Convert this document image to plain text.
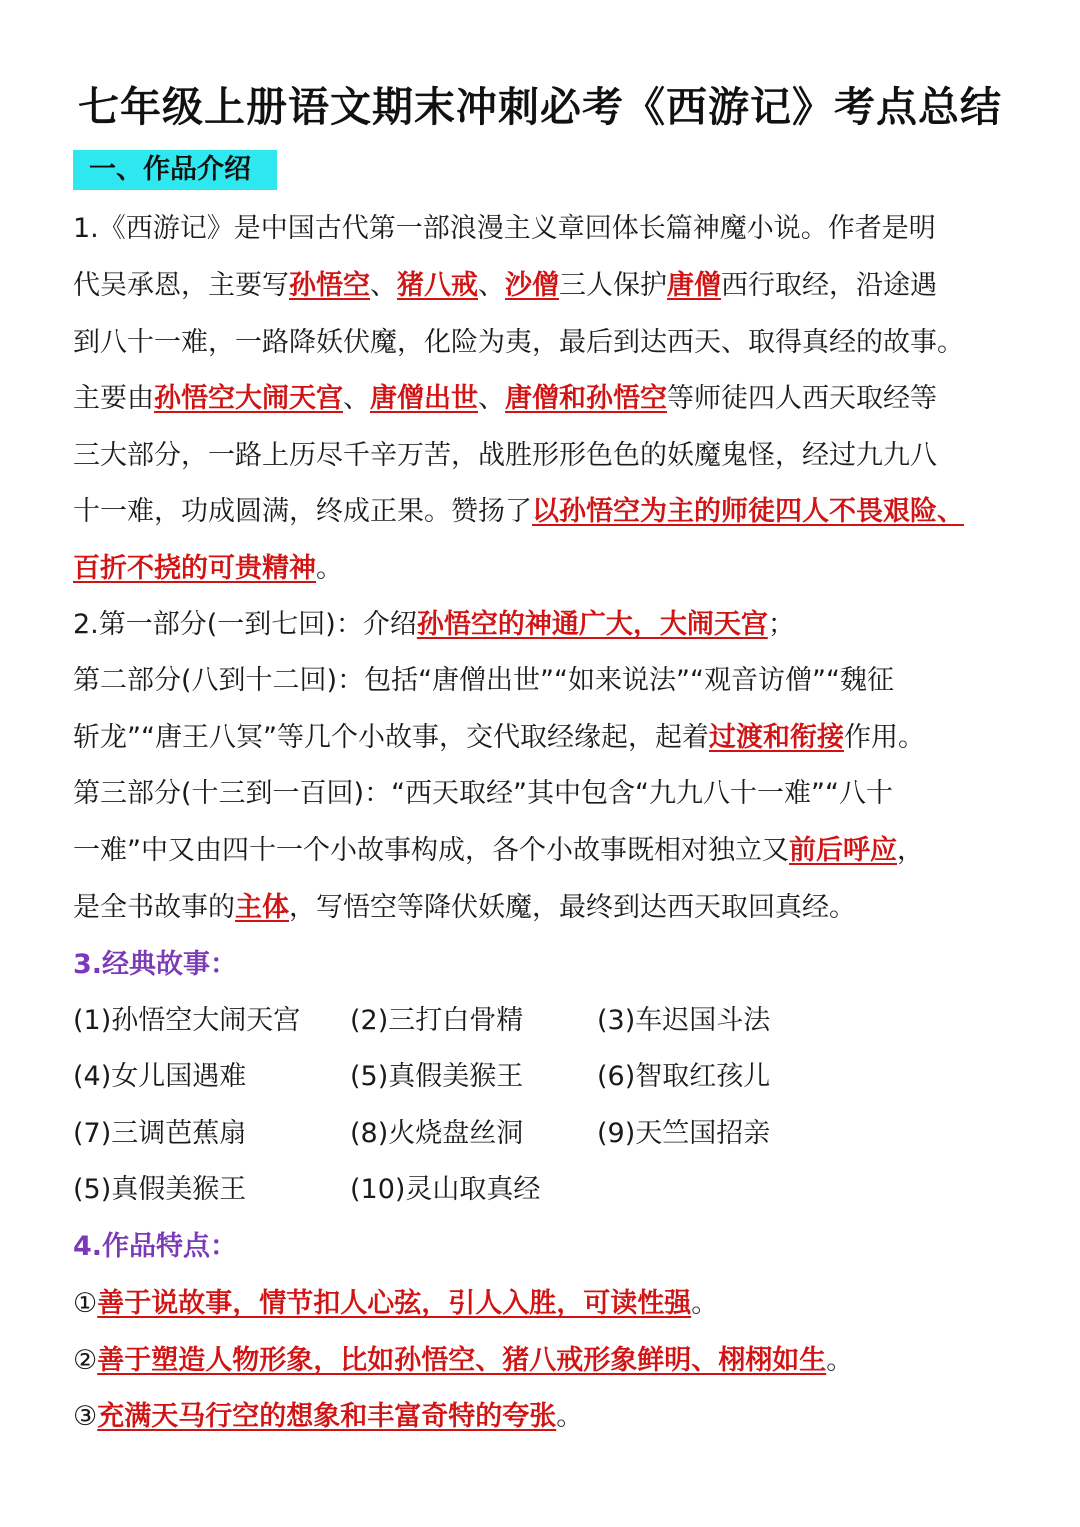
七年级上册语文期末冲刺必考《西游记》考点总结
一、作品介绍
1.《西游记》是中国古代第一部浪漫主义章回体长篇神魔小说。作者是明
代吴承恩，主要写孙悟空、猪八戒、沙僧三人保护唐僧西行取经，沿途遇
到八十一难，一路降妖伏魔，化险为夷，最后到达西天、取得真经的故事。
主要由孙悟空大闹天宫、唐僧出世、唐僧和孙悟空等师徒四人西天取经等
三大部分，一路上历尽千辛万苦，战胜形形色色的妖魔鬼怪，经过九九八
十一难，功成圆满，终成正果。赞扬了以孙悟空为主的师徒四人不畏艰险、
百折不挠的可贵精神。
2.第一部分(一到七回)：介绍孙悟空的神通广大，大闹天宫；
第二部分(八到十二回)：包括“唐僧出世”“如来说法”“观音访僧”“魏征
斩龙”“唐王八冥”等几个小故事，交代取经缘起，起着过渡和衔接作用。
第三部分(十三到一百回)：“西天取经”其中包含“九九八十一难”“八十
一难”中又由四十一个小故事构成，各个小故事既相对独立又前后呼应，
是全书故事的主体，写悟空等降伏妖魔，最终到达西天取回真经。
3.经典故事：
(1)孙悟空大闹天宫 (2)三打白骨精	(3)车迟国斗法
(4)女儿国遇难	(5)真假美猴王	(6)智取红孩儿
(7)三调芭蕉扇	(8)火烧盘丝洞	(9)天竺国招亲
(5)真假美猴王	(10)灵山取真经
4.作品特点：
①善于说故事，情节扣人心弦，引人入胜，可读性强。
②善于塑造人物形象，比如孙悟空、猪八戒形象鲜明、栩栩如生。
③充满天马行空的想象和丰富奇特的夸张。
